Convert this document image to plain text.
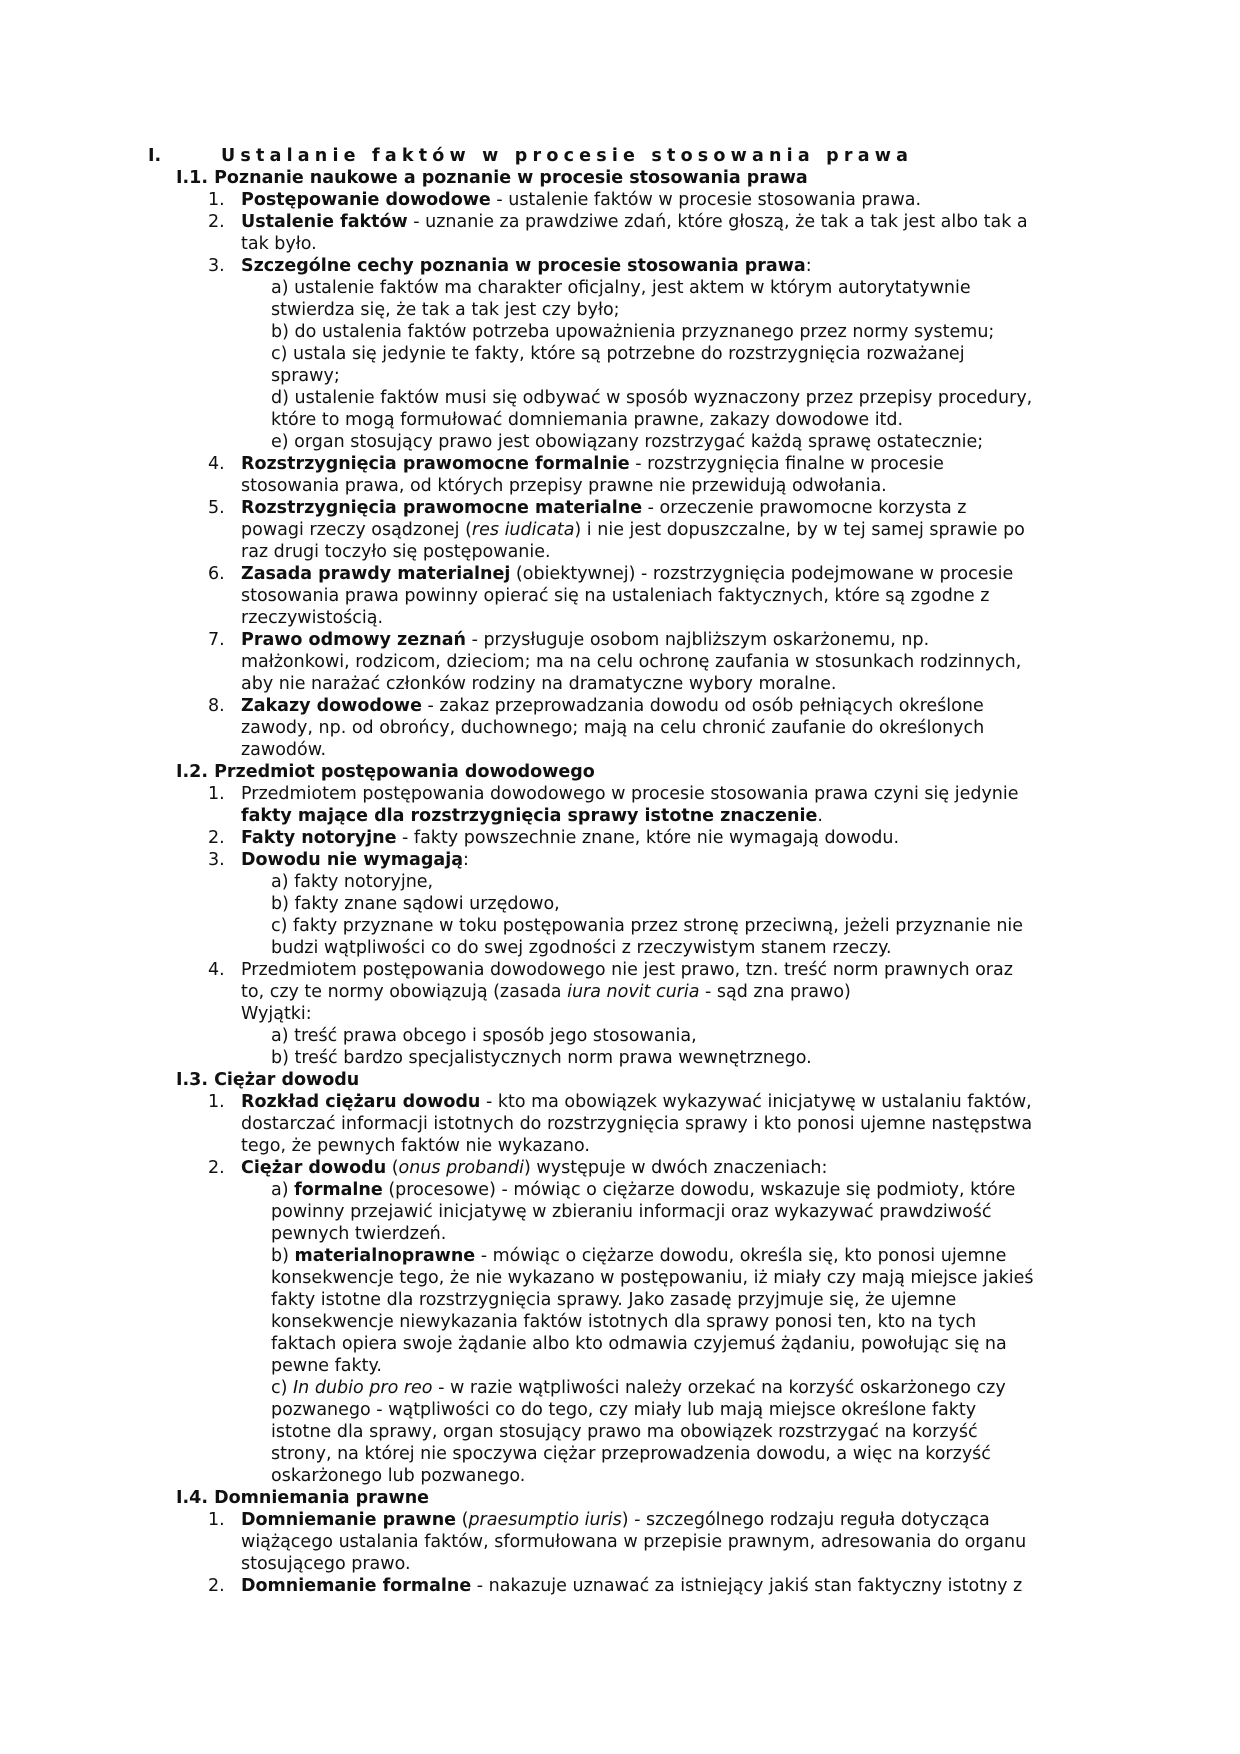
I.	Ustalanie faktów w procesie stosowania prawa
I.1. Poznanie naukowe a poznanie w procesie stosowania prawa
1. Postępowanie dowodowe - ustalenie faktów w procesie stosowania prawa.
2. Ustalenie faktów - uznanie za prawdziwe zdań, które głoszą, że tak a tak jest albo tak a
tak było.
3. Szczególne cechy poznania w procesie stosowania prawa:
a) ustalenie faktów ma charakter oficjalny, jest aktem w którym autorytatywnie
stwierdza się, że tak a tak jest czy było;
b) do ustalenia faktów potrzeba upoważnienia przyznanego przez normy systemu;
c) ustala się jedynie te fakty, które są potrzebne do rozstrzygnięcia rozważanej
sprawy;
d) ustalenie faktów musi się odbywać w sposób wyznaczony przez przepisy procedury,
które to mogą formułować domniemania prawne, zakazy dowodowe itd.
e) organ stosujący prawo jest obowiązany rozstrzygać każdą sprawę ostatecznie;
4. Rozstrzygnięcia prawomocne formalnie - rozstrzygnięcia finalne w procesie
stosowania prawa, od których przepisy prawne nie przewidują odwołania.
5. Rozstrzygnięcia prawomocne materialne - orzeczenie prawomocne korzysta z
powagi rzeczy osądzonej (res iudicata) i nie jest dopuszczalne, by w tej samej sprawie po
raz drugi toczyło się postępowanie.
6. Zasada prawdy materialnej (obiektywnej) - rozstrzygnięcia podejmowane w procesie
stosowania prawa powinny opierać się na ustaleniach faktycznych, które są zgodne z
rzeczywistością.
7. Prawo odmowy zeznań - przysługuje osobom najbliższym oskarżonemu, np.
małżonkowi, rodzicom, dzieciom; ma na celu ochronę zaufania w stosunkach rodzinnych,
aby nie narażać członków rodziny na dramatyczne wybory moralne.
8. Zakazy dowodowe - zakaz przeprowadzania dowodu od osób pełniących określone
zawody, np. od obrońcy, duchownego; mają na celu chronić zaufanie do określonych
zawodów.
I.2. Przedmiot postępowania dowodowego
1. Przedmiotem postępowania dowodowego w procesie stosowania prawa czyni się jedynie
fakty mające dla rozstrzygnięcia sprawy istotne znaczenie.
2. Fakty notoryjne - fakty powszechnie znane, które nie wymagają dowodu.
3. Dowodu nie wymagają:
a) fakty notoryjne,
b) fakty znane sądowi urzędowo,
c) fakty przyznane w toku postępowania przez stronę przeciwną, jeżeli przyznanie nie
budzi wątpliwości co do swej zgodności z rzeczywistym stanem rzeczy.
4. Przedmiotem postępowania dowodowego nie jest prawo, tzn. treść norm prawnych oraz
to, czy te normy obowiązują (zasada iura novit curia - sąd zna prawo)
Wyjątki:
a) treść prawa obcego i sposób jego stosowania,
b) treść bardzo specjalistycznych norm prawa wewnętrznego.
I.3. Ciężar dowodu
1. Rozkład ciężaru dowodu - kto ma obowiązek wykazywać inicjatywę w ustalaniu faktów,
dostarczać informacji istotnych do rozstrzygnięcia sprawy i kto ponosi ujemne następstwa
tego, że pewnych faktów nie wykazano.
2. Ciężar dowodu (onus probandi) występuje w dwóch znaczeniach:
a) formalne (procesowe) - mówiąc o ciężarze dowodu, wskazuje się podmioty, które
powinny przejawić inicjatywę w zbieraniu informacji oraz wykazywać prawdziwość
pewnych twierdzeń.
b) materialnoprawne - mówiąc o ciężarze dowodu, określa się, kto ponosi ujemne
konsekwencje tego, że nie wykazano w postępowaniu, iż miały czy mają miejsce jakieś
fakty istotne dla rozstrzygnięcia sprawy. Jako zasadę przyjmuje się, że ujemne
konsekwencje niewykazania faktów istotnych dla sprawy ponosi ten, kto na tych
faktach opiera swoje żądanie albo kto odmawia czyjemuś żądaniu, powołując się na
pewne fakty.
c) In dubio pro reo - w razie wątpliwości należy orzekać na korzyść oskarżonego czy
pozwanego - wątpliwości co do tego, czy miały lub mają miejsce określone fakty
istotne dla sprawy, organ stosujący prawo ma obowiązek rozstrzygać na korzyść
strony, na której nie spoczywa ciężar przeprowadzenia dowodu, a więc na korzyść
oskarżonego lub pozwanego.
I.4. Domniemania prawne
1. Domniemanie prawne (praesumptio iuris) - szczególnego rodzaju reguła dotycząca
wiążącego ustalania faktów, sformułowana w przepisie prawnym, adresowania do organu
stosującego prawo.
2. Domniemanie formalne - nakazuje uznawać za istniejący jakiś stan faktyczny istotny z
